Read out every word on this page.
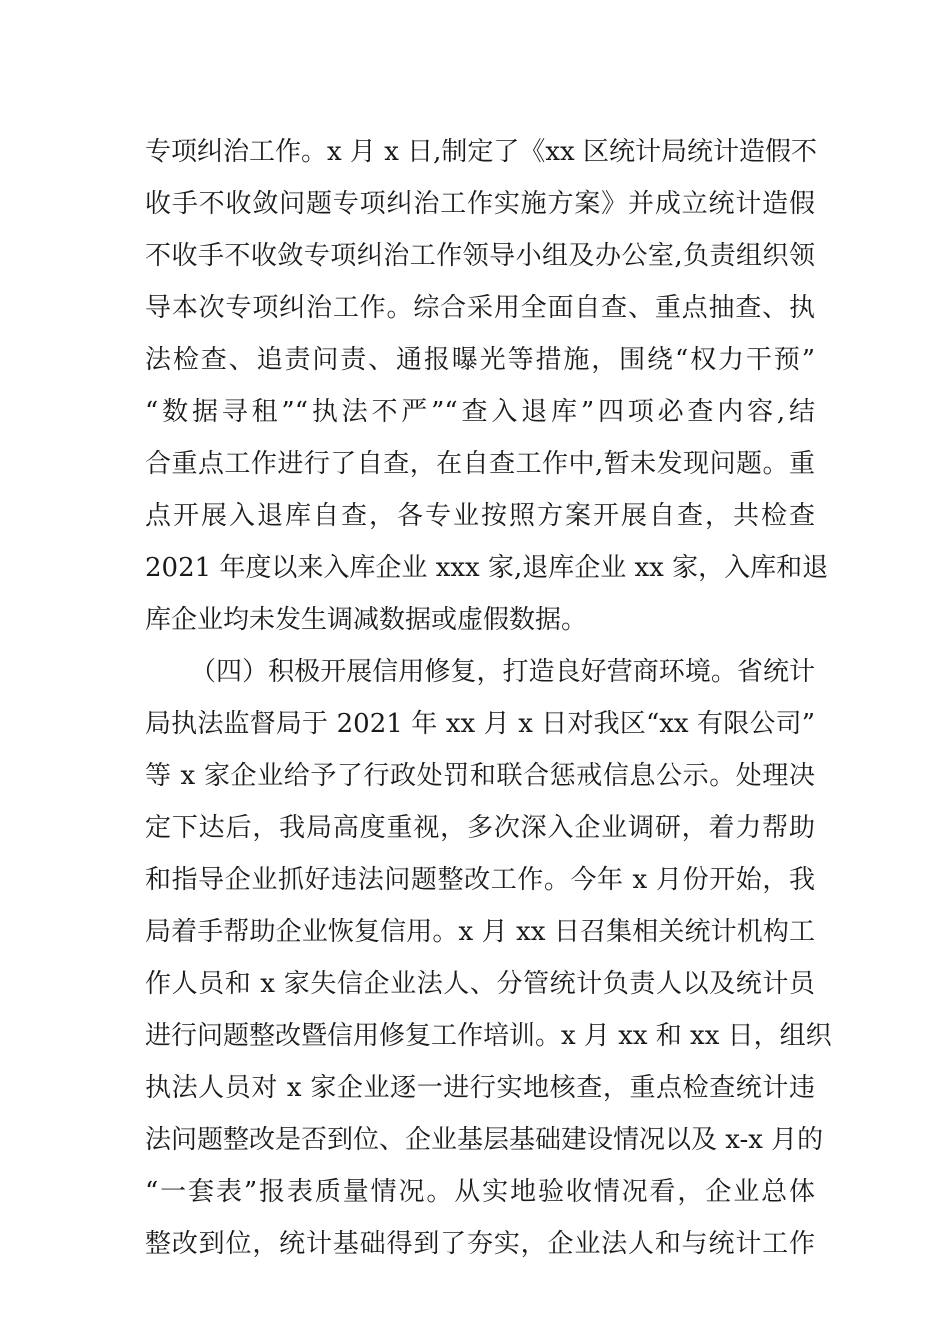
专项纠治工作。x 月 x 日,制定了《xx 区统计局统计造假不
收手不收敛问题专项纠治工作实施方案》并成立统计造假
不收手不收敛专项纠治工作领导小组及办公室,负责组织领
导本次专项纠治工作。综合采用全面自查、重点抽查、执
法检查、追责问责、通报曝光等措施，围绕“权力干预”
“数据寻租”“执法不严”“查入退库”四项必查内容,结
合重点工作进行了自查，在自查工作中,暂未发现问题。重
点开展入退库自查，各专业按照方案开展自查，共检查
2021 年度以来入库企业 xxx 家,退库企业 xx 家，入库和退
库企业均未发生调减数据或虚假数据。
（四）积极开展信用修复，打造良好营商环境。省统计
局执法监督局于 2021 年 xx 月 x 日对我区“xx 有限公司”
等 x 家企业给予了行政处罚和联合惩戒信息公示。处理决
定下达后，我局高度重视，多次深入企业调研，着力帮助
和指导企业抓好违法问题整改工作。今年 x 月份开始，我
局着手帮助企业恢复信用。x 月 xx 日召集相关统计机构工
作人员和 x 家失信企业法人、分管统计负责人以及统计员
进行问题整改暨信用修复工作培训。x 月 xx 和 xx 日，组织
执法人员对 x 家企业逐一进行实地核查，重点检查统计违
法问题整改是否到位、企业基层基础建设情况以及 x-x 月的
“一套表”报表质量情况。从实地验收情况看，企业总体
整改到位，统计基础得到了夯实，企业法人和与统计工作
